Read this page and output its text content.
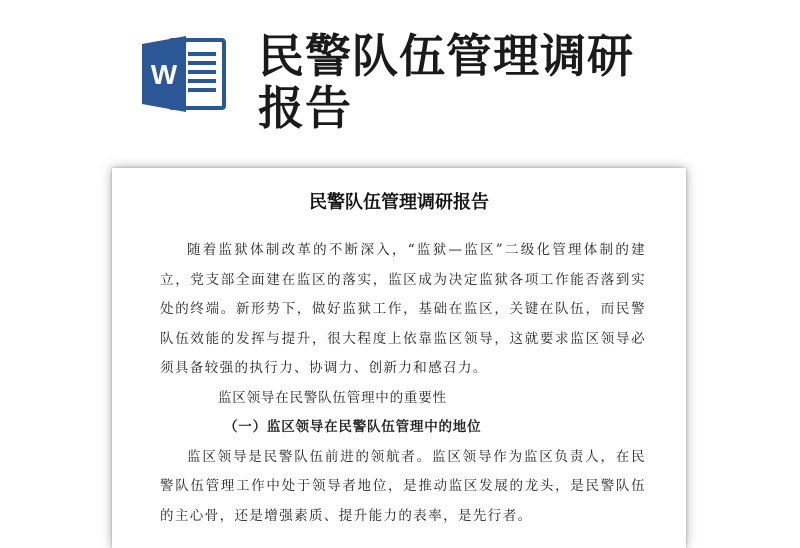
W 民警队伍管理调研报告
民警队伍管理调研报告

随着监狱体制改革的不断深入，“监狱—监区”二级化管理体制的建立，党支部全面建在监区的落实，监区成为决定监狱各项工作能否落到实处的终端。新形势下，做好监狱工作，基础在监区，关键在队伍，而民警队伍效能的发挥与提升，很大程度上依靠监区领导，这就要求监区领导必须具备较强的执行力、协调力、创新力和感召力。

监区领导在民警队伍管理中的重要性

（一）监区领导在民警队伍管理中的地位

监区领导是民警队伍前进的领航者。监区领导作为监区负责人，在民警队伍管理工作中处于领导者地位，是推动监区发展的龙头，是民警队伍的主心骨，还是增强素质、提升能力的表率，是先行者。
